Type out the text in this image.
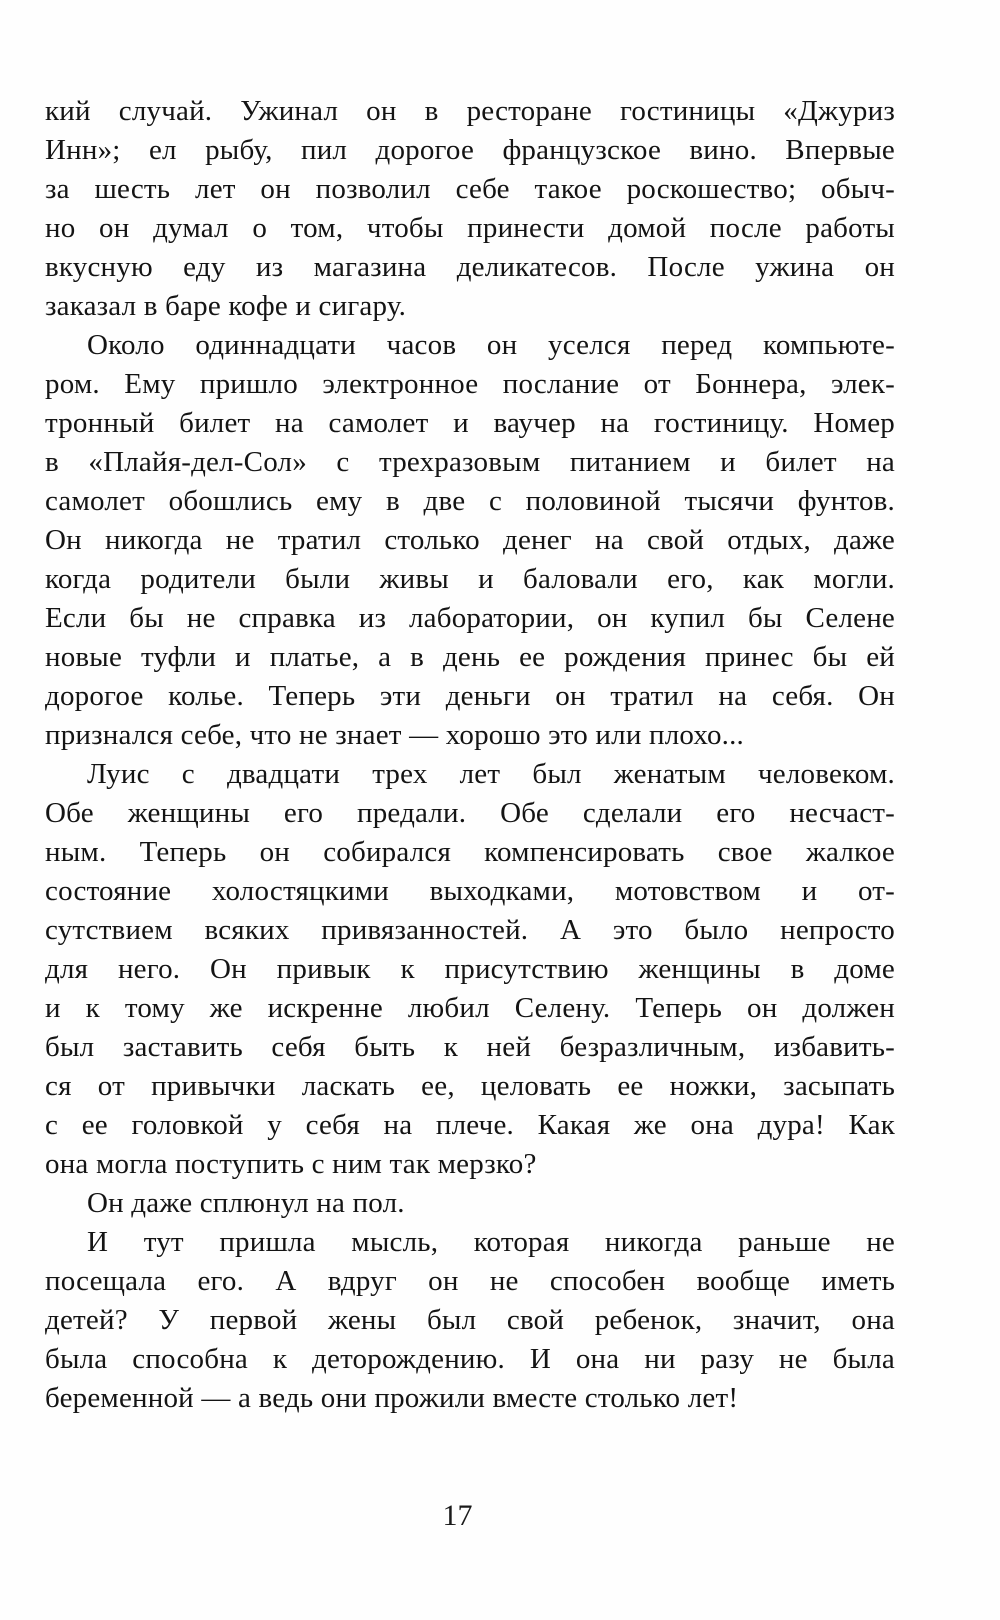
кий случай. Ужинал он в ресторане гостиницы «Джуриз
Инн»; ел рыбу, пил дорогое французское вино. Впервые
за шесть лет он позволил себе такое роскошество; обыч-
но он думал о том, чтобы принести домой после работы
вкусную еду из магазина деликатесов. После ужина он
заказал в баре кофе и сигару.
Около одиннадцати часов он уселся перед компьюте-
ром. Ему пришло электронное послание от Боннера, элек-
тронный билет на самолет и ваучер на гостиницу. Номер
в «Плайя-дел-Сол» с трехразовым питанием и билет на
самолет обошлись ему в две с половиной тысячи фунтов.
Он никогда не тратил столько денег на свой отдых, даже
когда родители были живы и баловали его, как могли.
Если бы не справка из лаборатории, он купил бы Селене
новые туфли и платье, а в день ее рождения принес бы ей
дорогое колье. Теперь эти деньги он тратил на себя. Он
признался себе, что не знает — хорошо это или плохо...
Луис с двадцати трех лет был женатым человеком.
Обе женщины его предали. Обе сделали его несчаст-
ным. Теперь он собирался компенсировать свое жалкое
состояние холостяцкими выходками, мотовством и от-
сутствием всяких привязанностей. А это было непросто
для него. Он привык к присутствию женщины в доме
и к тому же искренне любил Селену. Теперь он должен
был заставить себя быть к ней безразличным, избавить-
ся от привычки ласкать ее, целовать ее ножки, засыпать
с ее головкой у себя на плече. Какая же она дура! Как
она могла поступить с ним так мерзко?
Он даже сплюнул на пол.
И тут пришла мысль, которая никогда раньше не
посещала его. А вдруг он не способен вообще иметь
детей? У первой жены был свой ребенок, значит, она
была способна к деторождению. И она ни разу не была
беременной — а ведь они прожили вместе столько лет!
17
